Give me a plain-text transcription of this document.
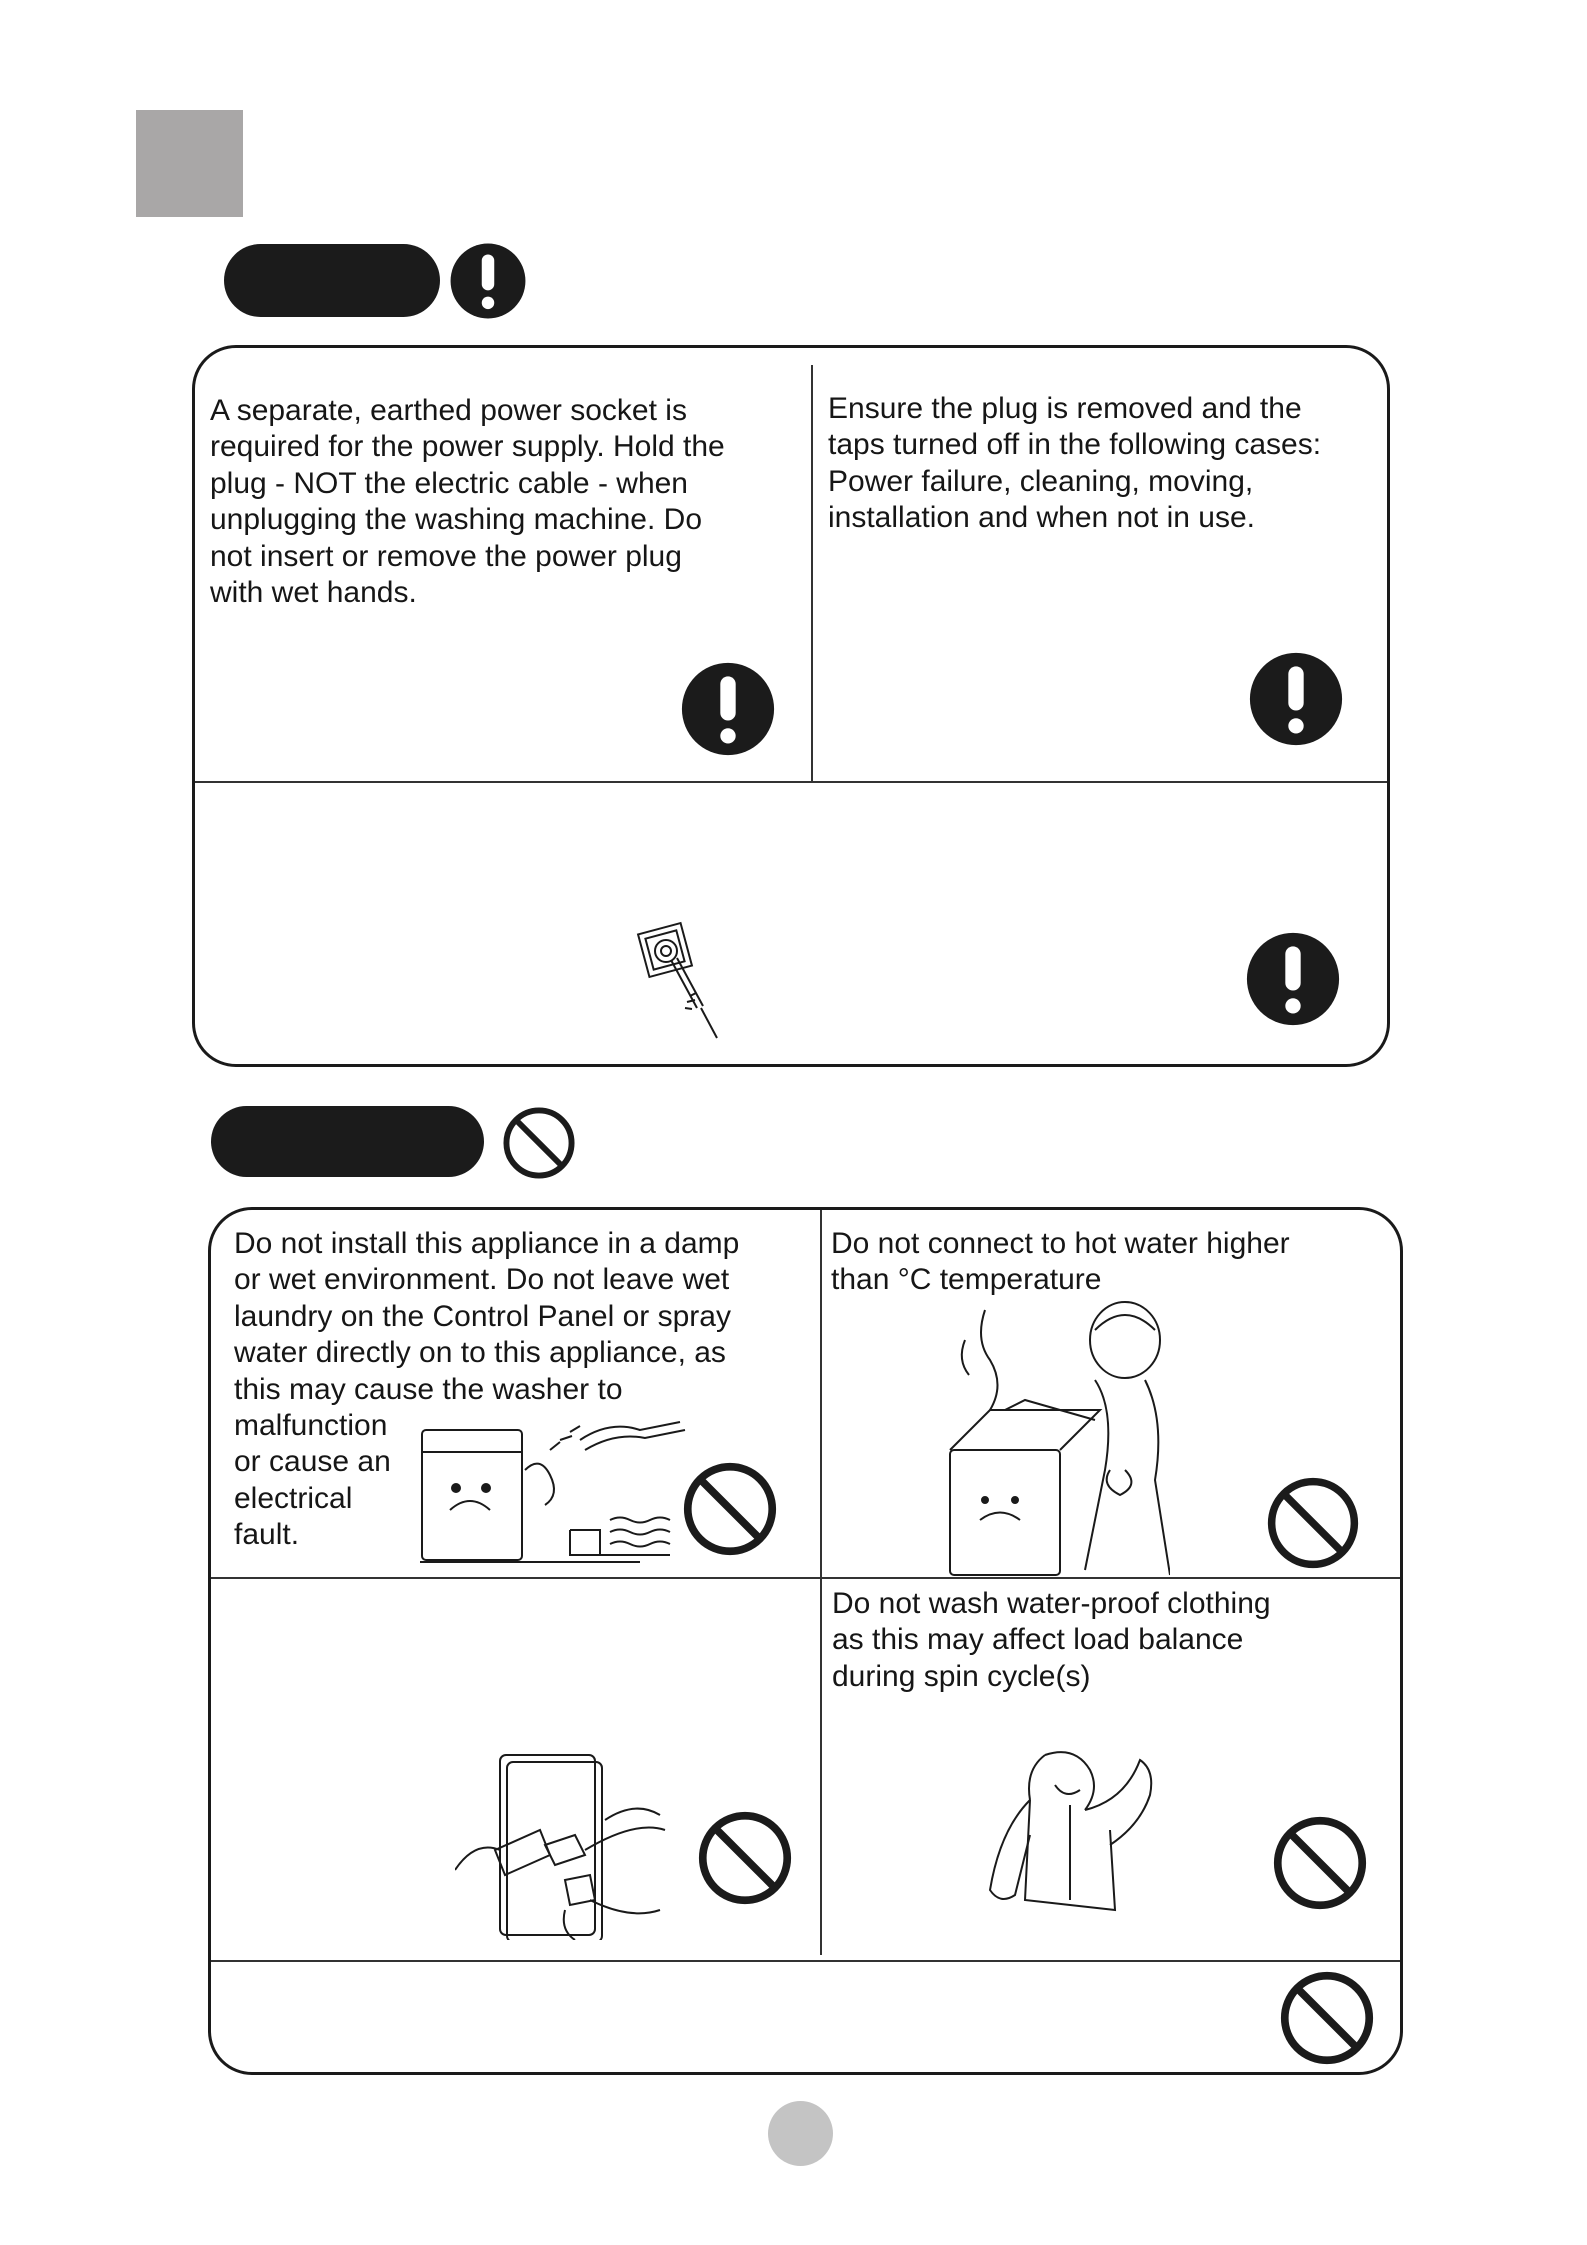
A separate, earthed power socket is
required for the power supply. Hold the
plug - NOT the electric cable - when
unplugging the washing machine. Do
not insert or remove the power plug
with wet hands.
Ensure the plug is removed and the
taps turned off in the following cases:
Power failure, cleaning, moving,
installation and when not in use.
Do not install this appliance in a damp
or wet environment. Do not leave wet
laundry on the Control Panel or spray
water directly on to this appliance, as
this may cause the washer to
malfunction
or cause an
electrical
fault.
Do not connect to hot water higher
than °C temperature
Do not wash water-proof clothing
as this may affect load balance
during spin cycle(s)
